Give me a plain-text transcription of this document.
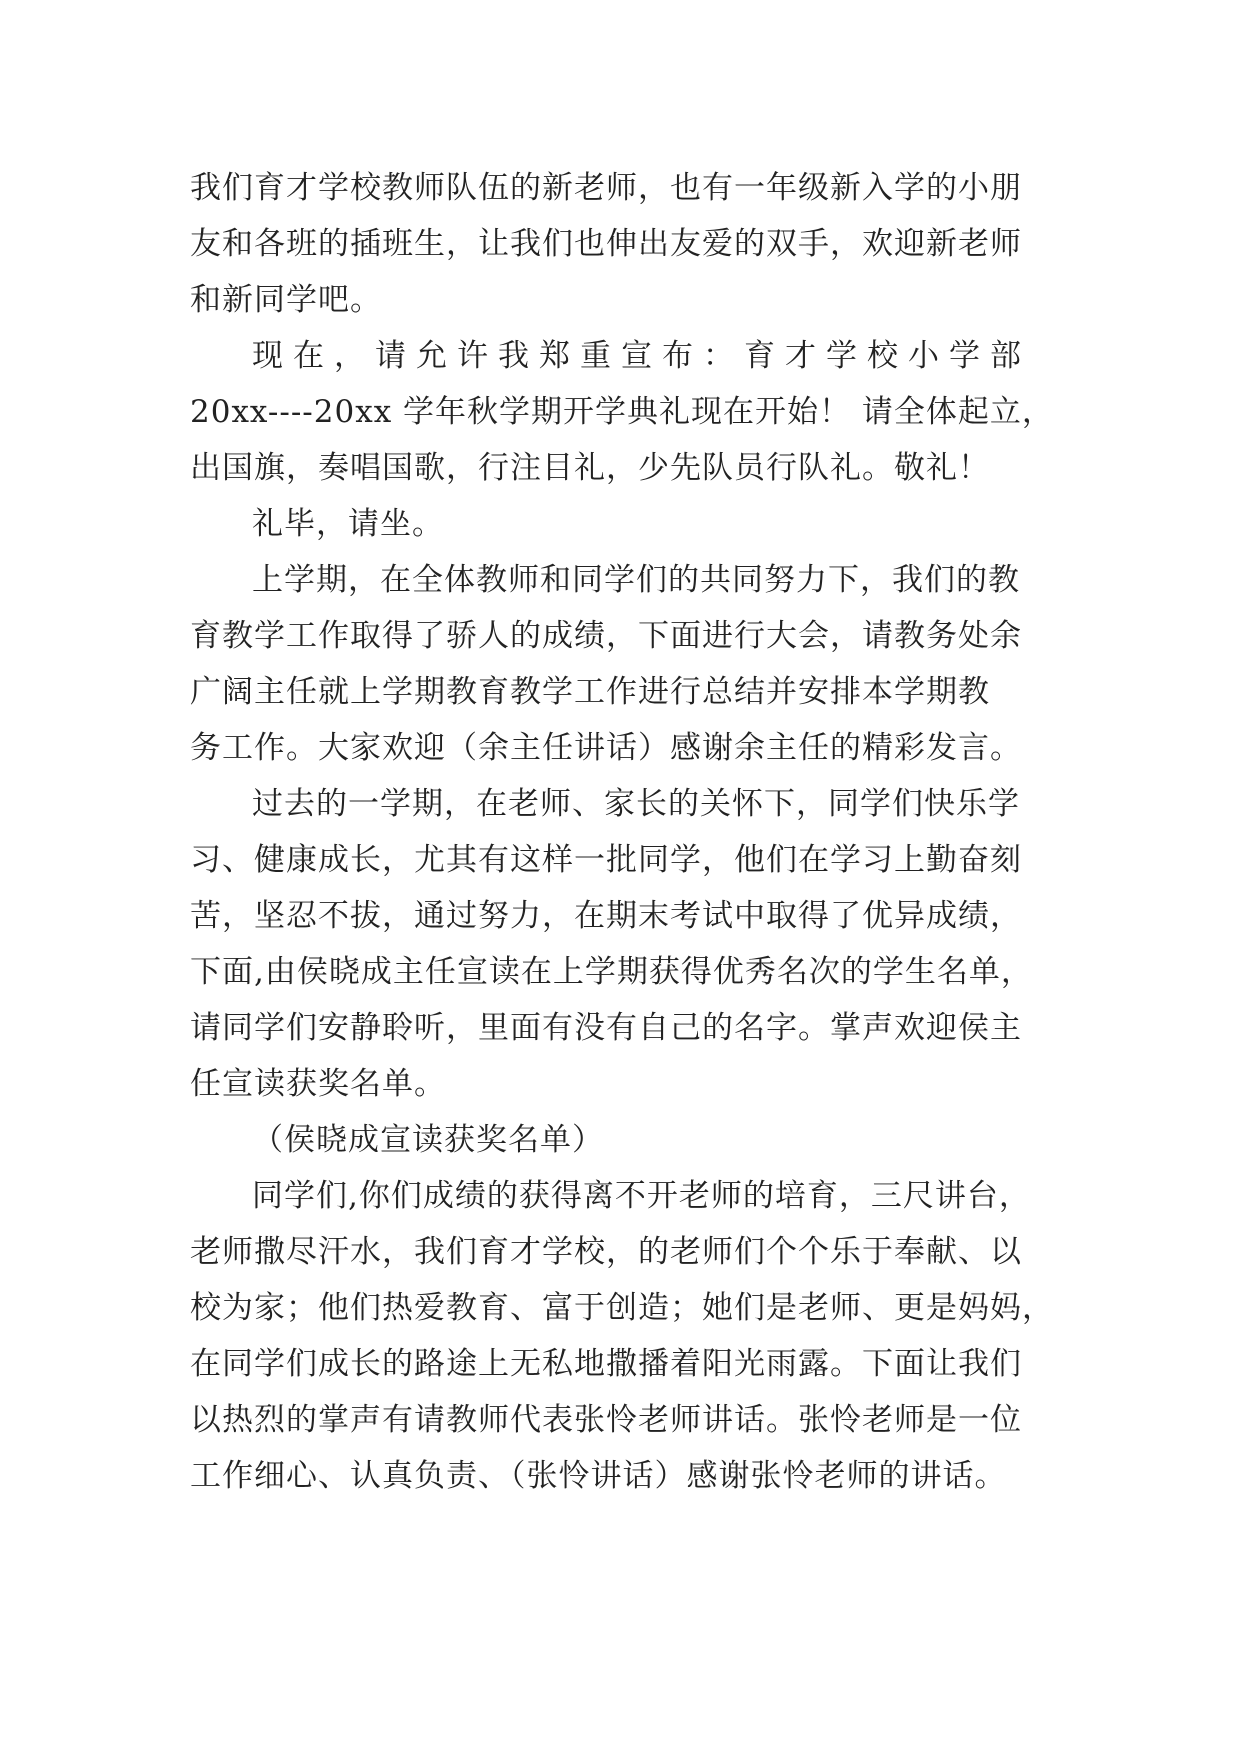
我们育才学校教师队伍的新老师，也有一年级新入学的小朋
友和各班的插班生，让我们也伸出友爱的双手，欢迎新老师
和新同学吧。

现在，请允许我郑重宣布：育才学校小学部
20xx----20xx 学年秋学期开学典礼现在开始！ 请全体起立，
出国旗，奏唱国歌，行注目礼，少先队员行队礼。敬礼！

礼毕，请坐。

上学期，在全体教师和同学们的共同努力下，我们的教
育教学工作取得了骄人的成绩，下面进行大会，请教务处余
广阔主任就上学期教育教学工作进行总结并安排本学期教
务工作。大家欢迎（余主任讲话）感谢余主任的精彩发言。

过去的一学期，在老师、家长的关怀下，同学们快乐学
习、健康成长，尤其有这样一批同学，他们在学习上勤奋刻
苦，坚忍不拔，通过努力，在期末考试中取得了优异成绩，
下面,由侯晓成主任宣读在上学期获得优秀名次的学生名单，
请同学们安静聆听，里面有没有自己的名字。掌声欢迎侯主
任宣读获奖名单。

（侯晓成宣读获奖名单）

同学们,你们成绩的获得离不开老师的培育，三尺讲台，
老师撒尽汗水，我们育才学校，的老师们个个乐于奉献、以
校为家；他们热爱教育、富于创造；她们是老师、更是妈妈，
在同学们成长的路途上无私地撒播着阳光雨露。下面让我们
以热烈的掌声有请教师代表张怜老师讲话。张怜老师是一位
工作细心、认真负责、（张怜讲话）感谢张怜老师的讲话。
